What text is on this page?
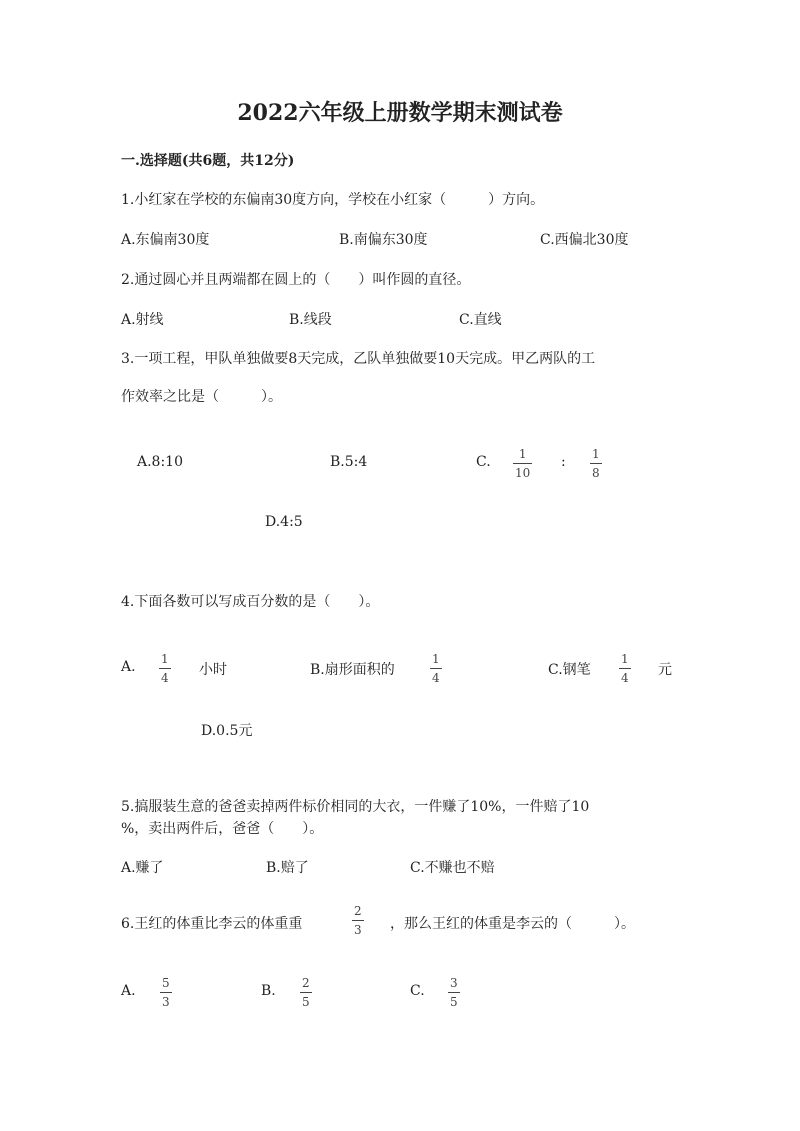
2022六年级上册数学期末测试卷
一.选择题(共6题，共12分)
1.小红家在学校的东偏南30度方向，学校在小红家（　　　）方向。
A.东偏南30度	B.南偏东30度	C.西偏北30度
2.通过圆心并且两端都在圆上的（　　）叫作圆的直径。
A.射线	B.线段	C.直线
3.一项工程，甲队单独做要8天完成，乙队单独做要10天完成。甲乙两队的工
作效率之比是（　　　）。
A.8:10	B.5:4	C. 1
10
: 1
8
D.4:5
4.下面各数可以写成百分数的是（　　）。
A. 1
4 小时	B.扇形面积的
1
4	C.钢笔
1
4 元
D.0.5元
5.搞服装生意的爸爸卖掉两件标价相同的大衣，一件赚了10%，一件赔了10
%，卖出两件后，爸爸（　　）。
A.赚了	B.赔了	C.不赚也不赔
6.王红的体重比李云的体重重
2
3 ，那么王红的体重是李云的（　　　）。
A. 5
3
B. 2
5
C. 3
5
